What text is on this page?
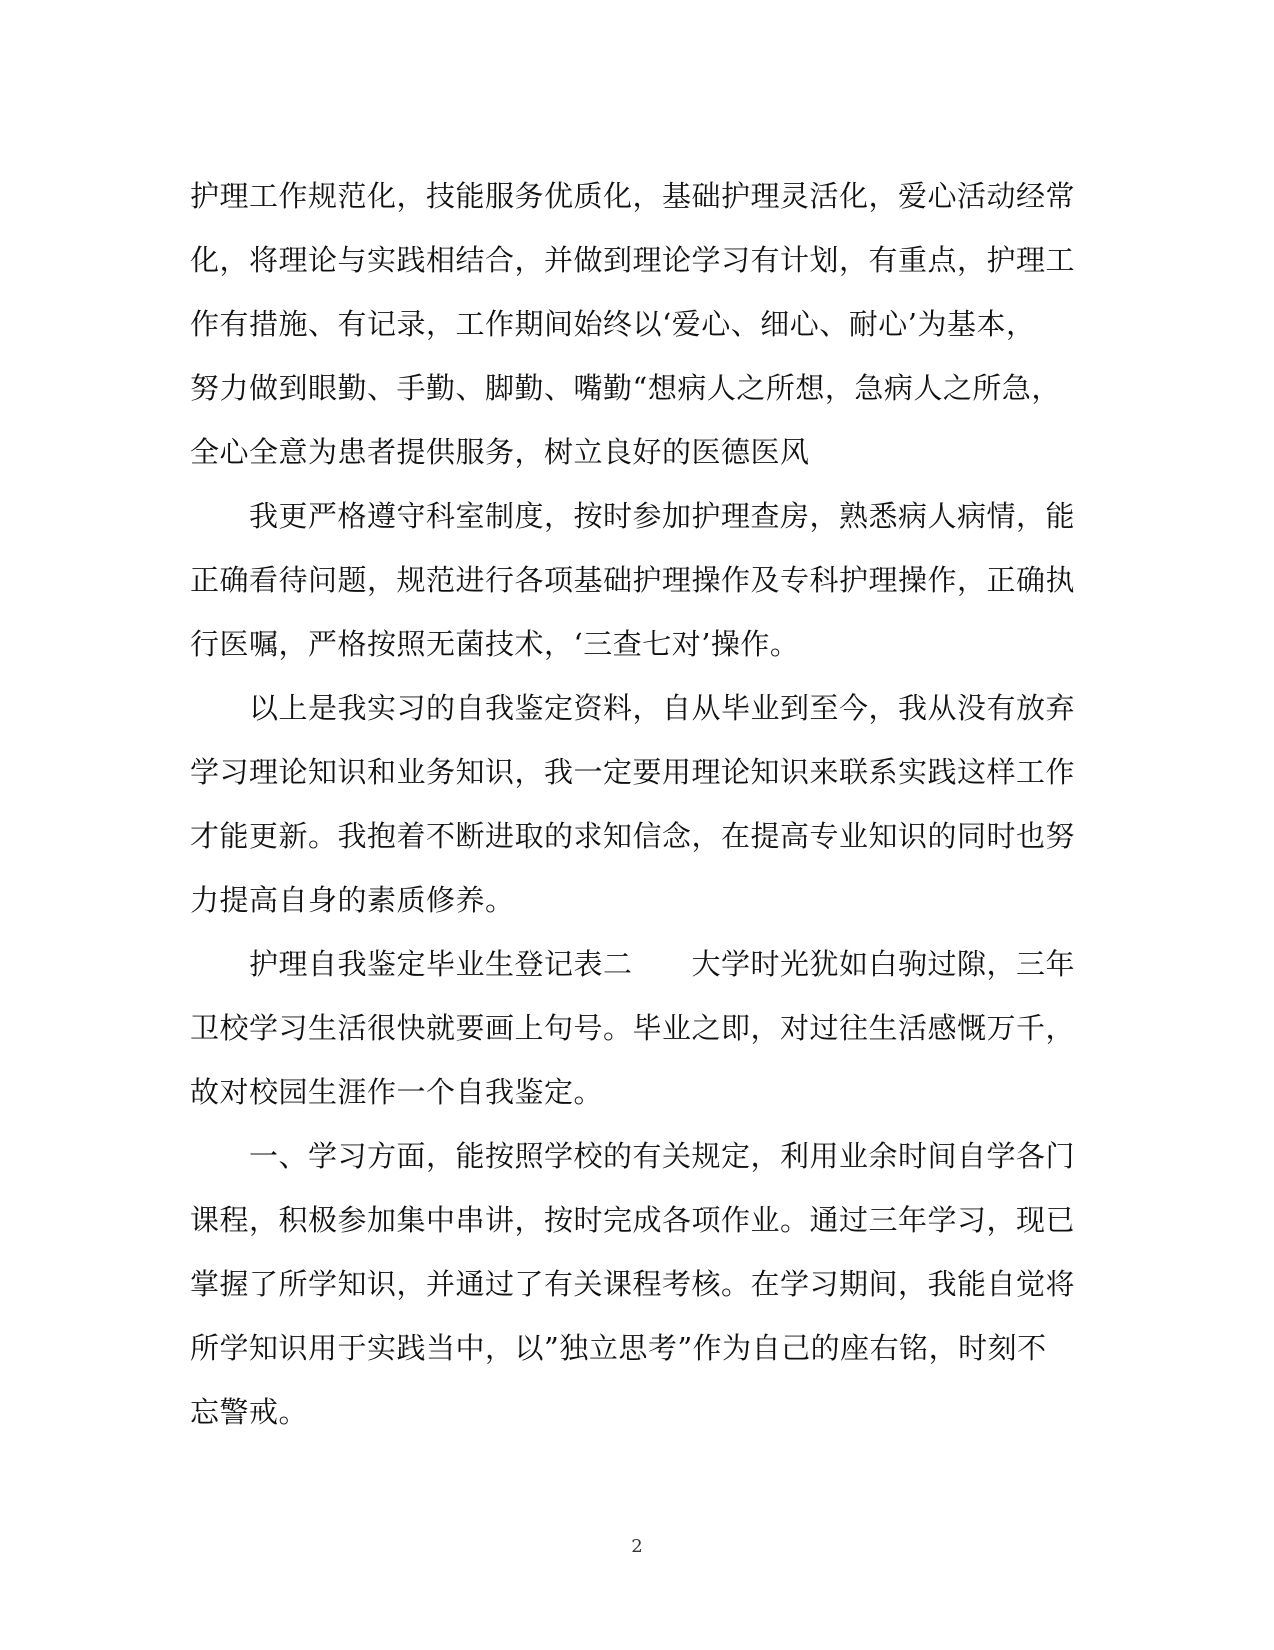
护理工作规范化，技能服务优质化，基础护理灵活化，爱心活动经常
化，将理论与实践相结合，并做到理论学习有计划，有重点，护理工
作有措施、有记录，工作期间始终以‘爱心、细心、耐心’为基本，
努力做到眼勤、手勤、脚勤、嘴勤“想病人之所想，急病人之所急，
全心全意为患者提供服务，树立良好的医德医风
　　我更严格遵守科室制度，按时参加护理查房，熟悉病人病情，能
正确看待问题，规范进行各项基础护理操作及专科护理操作，正确执
行医嘱，严格按照无菌技术，‘三查七对’操作。
　　以上是我实习的自我鉴定资料，自从毕业到至今，我从没有放弃
学习理论知识和业务知识，我一定要用理论知识来联系实践这样工作
才能更新。我抱着不断进取的求知信念，在提高专业知识的同时也努
力提高自身的素质修养。
　　护理自我鉴定毕业生登记表二　　大学时光犹如白驹过隙，三年
卫校学习生活很快就要画上句号。毕业之即，对过往生活感慨万千，
故对校园生涯作一个自我鉴定。
　　一、学习方面，能按照学校的有关规定，利用业余时间自学各门
课程，积极参加集中串讲，按时完成各项作业。通过三年学习，现已
掌握了所学知识，并通过了有关课程考核。在学习期间，我能自觉将
所学知识用于实践当中，以”独立思考”作为自己的座右铭，时刻不
忘警戒。
2
